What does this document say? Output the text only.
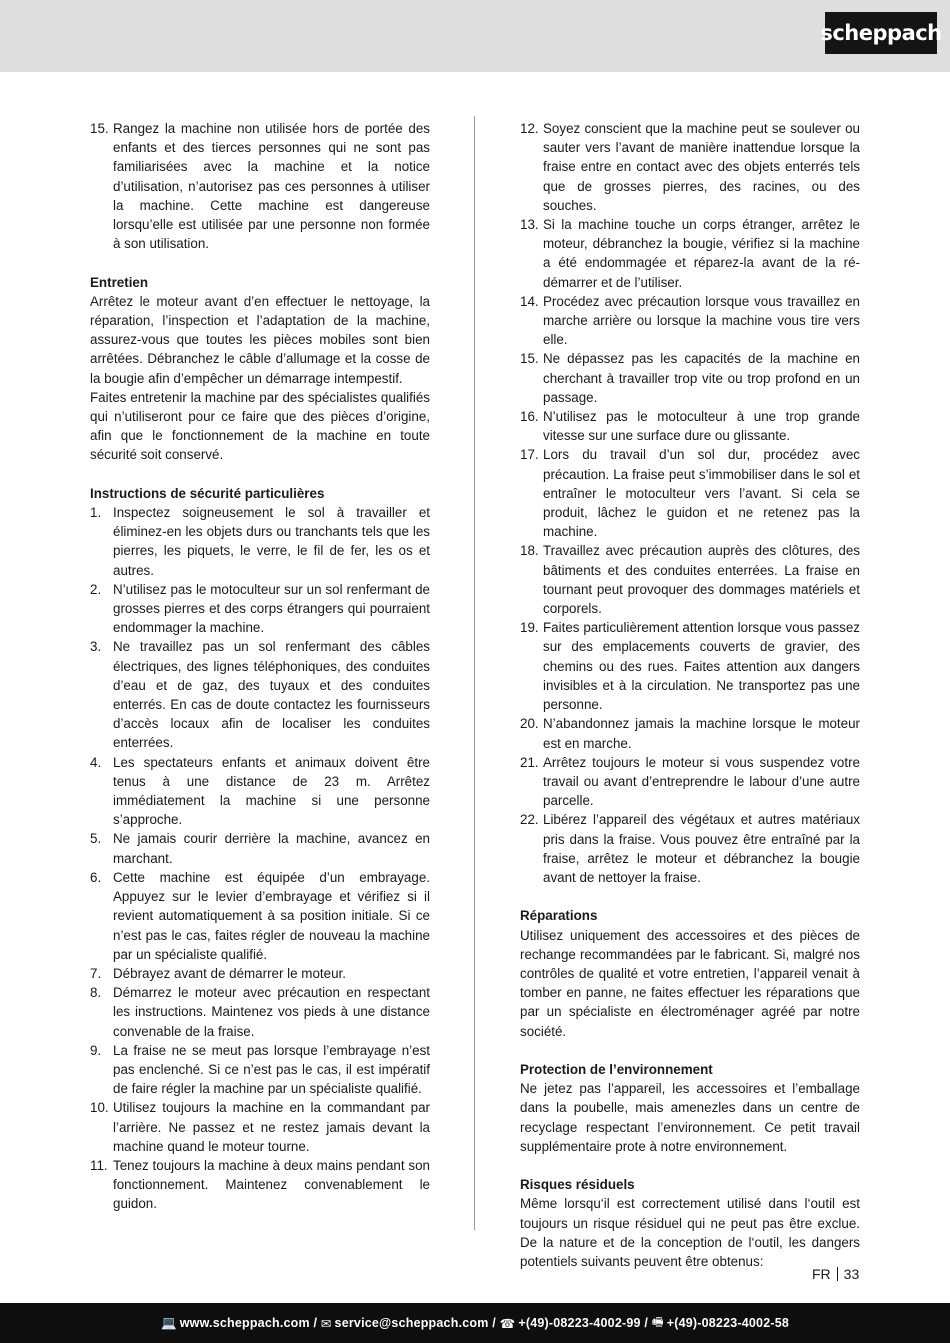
scheppach
15. Rangez la machine non utilisée hors de portée des enfants et des tierces personnes qui ne sont pas familiarisées avec la machine et la notice d’utilisation, n’autorisez pas ces personnes à utiliser la machine. Cette machine est dangereuse lorsqu’elle est utilisée par une personne non formée à son utilisation.
Entretien
Arrêtez le moteur avant d’en effectuer le nettoyage, la réparation, l’inspection et l’adaptation de la machine, assurez-vous que toutes les pièces mobiles sont bien arrêtées. Débranchez le câble d’allumage et la cosse de la bougie afin d’empêcher un démarrage intempestif.
Faites entretenir la machine par des spécialistes qualifiés qui n’utiliseront pour ce faire que des pièces d’origine, afin que le fonctionnement de la machine en toute sécurité soit conservé.
Instructions de sécurité particulières
1. Inspectez soigneusement le sol à travailler et éliminez-en les objets durs ou tranchants tels que les pierres, les piquets, le verre, le fil de fer, les os et autres.
2. N’utilisez pas le motoculteur sur un sol renfermant de grosses pierres et des corps étrangers qui pourraient endommager la machine.
3. Ne travaillez pas un sol renfermant des câbles électriques, des lignes téléphoniques, des conduites d’eau et de gaz, des tuyaux et des conduites enterrés. En cas de doute contactez les fournisseurs d’accès locaux afin de localiser les conduites enterrées.
4. Les spectateurs enfants et animaux doivent être tenus à une distance de 23 m. Arrêtez immédiatement la machine si une personne s’approche.
5. Ne jamais courir derrière la machine, avancez en marchant.
6. Cette machine est équipée d’un embrayage. Appuyez sur le levier d’embrayage et vérifiez si il revient automatiquement à sa position initiale. Si ce n’est pas le cas, faites régler de nouveau la machine par un spécialiste qualifié.
7. Débrayez avant de démarrer le moteur.
8. Démarrez le moteur avec précaution en respectant les instructions. Maintenez vos pieds à une distance convenable de la fraise.
9. La fraise ne se meut pas lorsque l’embrayage n’est pas enclenché. Si ce n’est pas le cas, il est impératif de faire régler la machine par un spécialiste qualifié.
10. Utilisez toujours la machine en la commandant par l’arrière. Ne passez et ne restez jamais devant la machine quand le moteur tourne.
11. Tenez toujours la machine à deux mains pendant son fonctionnement. Maintenez convenablement le guidon.
12. Soyez conscient que la machine peut se soulever ou sauter vers l’avant de manière inattendue lorsque la fraise entre en contact avec des objets enterrés tels que de grosses pierres, des racines, ou des souches.
13. Si la machine touche un corps étranger, arrêtez le moteur, débranchez la bougie, vérifiez si la machine a été endommagée et réparez-la avant de la ré-démarrer et de l’utiliser.
14. Procédez avec précaution lorsque vous travaillez en marche arrière ou lorsque la machine vous tire vers elle.
15. Ne dépassez pas les capacités de la machine en cherchant à travailler trop vite ou trop profond en un passage.
16. N’utilisez pas le motoculteur à une trop grande vitesse sur une surface dure ou glissante.
17. Lors du travail d’un sol dur, procédez avec précaution. La fraise peut s’immobiliser dans le sol et entraîner le motoculteur vers l’avant. Si cela se produit, lâchez le guidon et ne retenez pas la machine.
18. Travaillez avec précaution auprès des clôtures, des bâtiments et des conduites enterrées. La fraise en tournant peut provoquer des dommages matériels et corporels.
19. Faites particulièrement attention lorsque vous passez sur des emplacements couverts de gravier, des chemins ou des rues. Faites attention aux dangers invisibles et à la circulation. Ne transportez pas une personne.
20. N’abandonnez jamais la machine lorsque le moteur est en marche.
21. Arrêtez toujours le moteur si vous suspendez votre travail ou avant d’entreprendre le labour d’une autre parcelle.
22. Libérez l’appareil des végétaux et autres matériaux pris dans la fraise. Vous pouvez être entraîné par la fraise, arrêtez le moteur et débranchez la bougie avant de nettoyer la fraise.
Réparations
Utilisez uniquement des accessoires et des pièces de rechange recommandées par le fabricant. Si, malgré nos contrôles de qualité et votre entretien, l’appareil venait à tomber en panne, ne faites effectuer les réparations que par un spécialiste en électroménager agréé par notre société.
Protection de l’environnement
Ne jetez pas l’appareil, les accessoires et l’emballage dans la poubelle, mais amenezles dans un centre de recyclage respectant l’environnement. Ce petit travail supplémentaire prote à notre environnement.
Risques résiduels
Même lorsqu‘il est correctement utilisé dans l‘outil est toujours un risque résiduel qui ne peut pas être exclue. De la nature et de la conception de l‘outil, les dangers potentiels suivants peuvent être obtenus:
FR 33
💻 www.scheppach.com
/
✉ service@scheppach.com
/
☎ +(49)-08223-4002-99
/
🖷 +(49)-08223-4002-58
